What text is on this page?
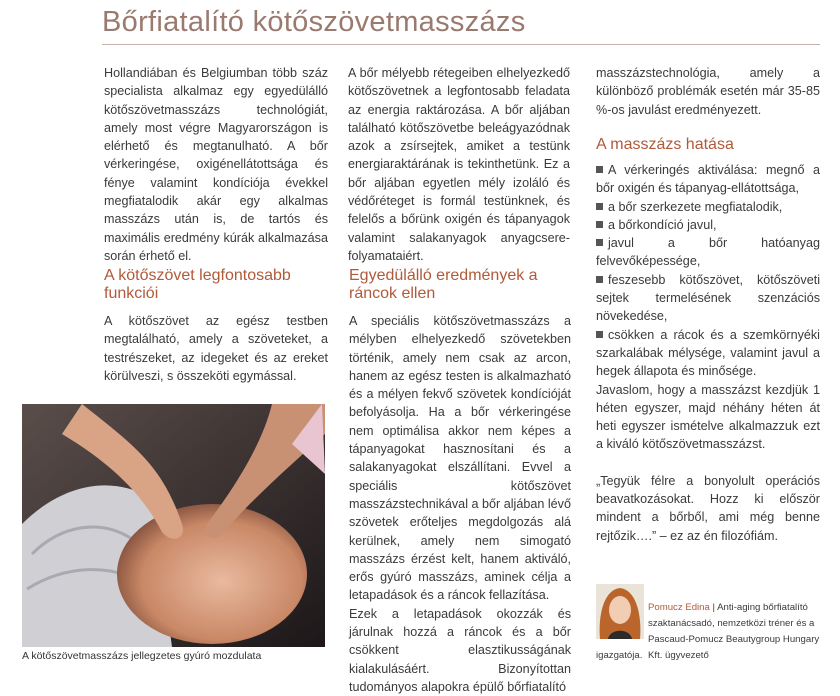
Bőrfiatalító kötőszövetmasszázs

Hollandiában és Belgiumban több száz specialista alkalmaz egy egyedülálló kötőszövetmasszázs technológiát, amely most végre Magyarországon is elérhető és megtanulható. A bőr vérkeringése, oxigénellátottsága és fénye valamint kondíciója évekkel megfiatalodik akár egy alkalmas masszázs után is, de tartós és maximális eredmény kúrák alkalmazása során érhető el.

A kötőszövet legfontosabb funkciói

A kötőszövet az egész testben megtalálható, amely a szöveteket, a testrészeket, az idegeket és az ereket körülveszi, s összeköti egymással.

A kötőszövetmasszázs jellegzetes gyúró mozdulata

A bőr mélyebb rétegeiben elhelyezkedő kötőszövetnek a legfontosabb feladata az energia raktározása. A bőr aljában található kötőszövetbe beleágyazódnak azok a zsírsejtek, amiket a testünk energiaraktárának is tekinthetünk. Ez a bőr aljában egyetlen mély izoláló és védőréteget is formál testünknek, és felelős a bőrünk oxigén és tápanyagok valamint salakanyagok anyagcsere-folyamataiért.

Egyedülálló eredmények a ráncok ellen

A speciális kötőszövetmasszázs a mélyben elhelyezkedő szövetekben történik, amely nem csak az arcon, hanem az egész testen is alkalmazható és a mélyen fekvő szövetek kondícióját befolyásolja. Ha a bőr vérkeringése nem optimálisa akkor nem képes a tápanyagokat hasznosítani és a salakanyagokat elszállítani. Evvel a speciális kötőszövet masszázstechnikával a bőr aljában lévő szövetek erőteljes megdolgozás alá kerülnek, amely nem simogató masszázs érzést kelt, hanem aktiváló, erős gyúró masszázs, aminek célja a letapadások és a ráncok fellazítása.

Ezek a letapadások okozzák és járulnak hozzá a ráncok és a bőr csökkent elasztikusságának kialakulásáért. Bizonyítottan tudományos alapokra épülő bőrfiatalító

masszázstechnológia, amely a különböző problémák esetén már 35-85 %-os javulást eredményezett.

A masszázs hatása
A vérkeringés aktiválása: megnő a bőr oxigén és tápanyag-ellátottsága,
a bőr szerkezete megfiatalodik,
a bőrkondíció javul,
javul a bőr hatóanyag felvevőképessége,
feszesebb kötőszövet, kötőszöveti sejtek termelésének szenzációs növekedése,
csökken a rácok és a szemkörnyéki szarkalábak mélysége, valamint javul a hegek állapota és minősége.

Javaslom, hogy a masszázst kezdjük 1 héten egyszer, majd néhány héten át heti egyszer ismételve alkalmazzuk ezt a kiváló kötőszövetmasszázst.

„Tegyük félre a bonyolult operációs beavatkozásokat. Hozz ki először mindent a bőrből, ami még benne rejtőzik….” – ez az én filozófiám.

Pomucz Edina | Anti-aging bőrfiatalító szaktanácsadó, nemzetközi tréner és a Pascaud-Pomucz Beautygroup Hungary Kft. ügyvezető
igazgatója.
